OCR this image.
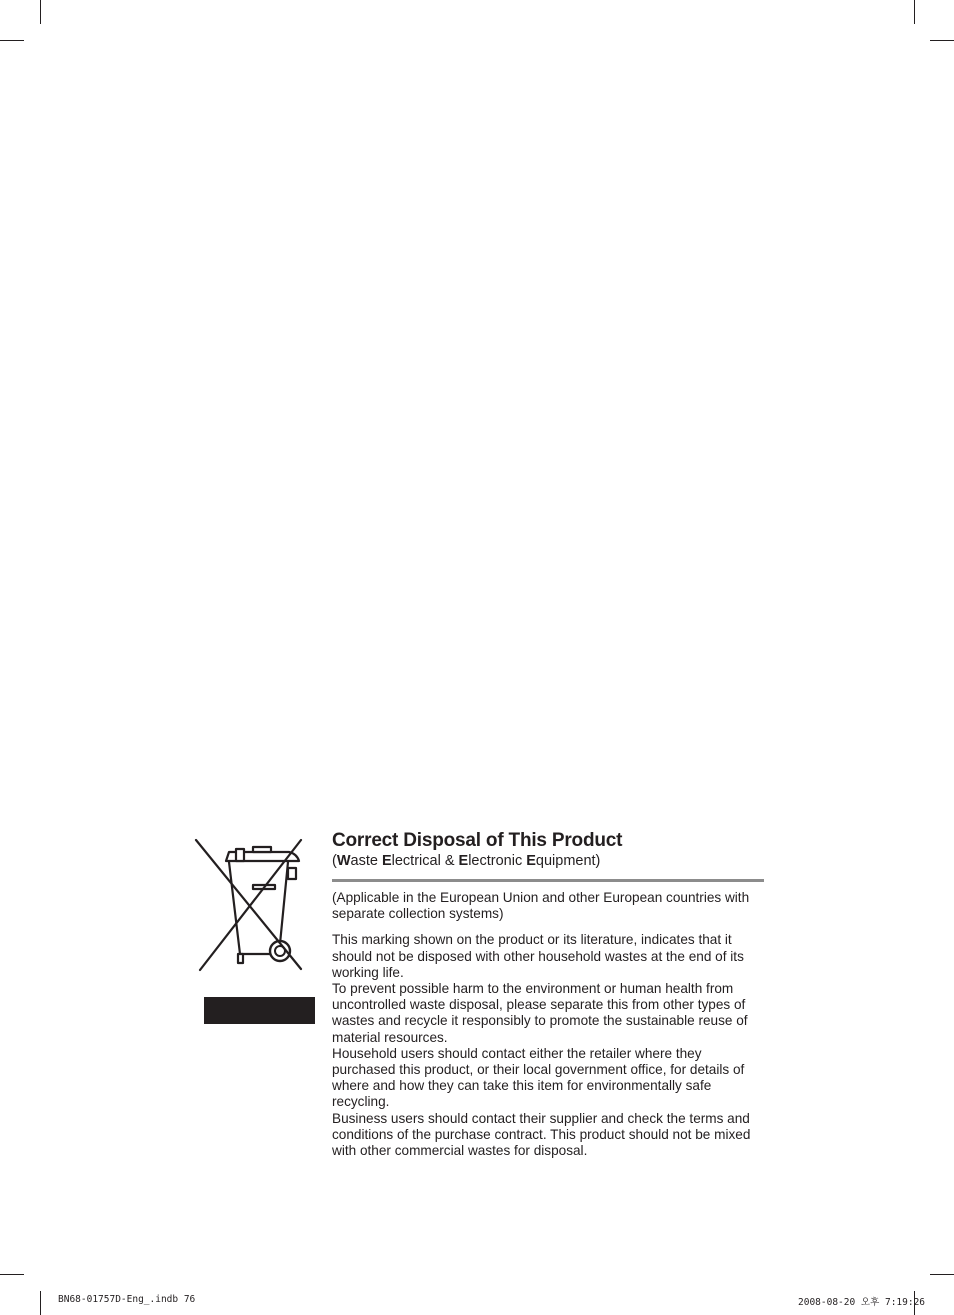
Correct Disposal of This Product

(Waste Electrical & Electronic Equipment)

(Applicable in the European Union and other European countries with separate collection systems)

This marking shown on the product or its literature, indicates that it should not be disposed with other household wastes at the end of its working life.

To prevent possible harm to the environment or human health from uncontrolled waste disposal, please separate this from other types of wastes and recycle it responsibly to promote the sustainable reuse of material resources.

Household users should contact either the retailer where they purchased this product, or their local government office, for details of where and how they can take this item for environmentally safe recycling.

Business users should contact their supplier and check the terms and conditions of the purchase contract. This product should not be mixed with other commercial wastes for disposal.

BN68-01757D-Eng_.indb 76	2008-08-20 오후 7:19:26
